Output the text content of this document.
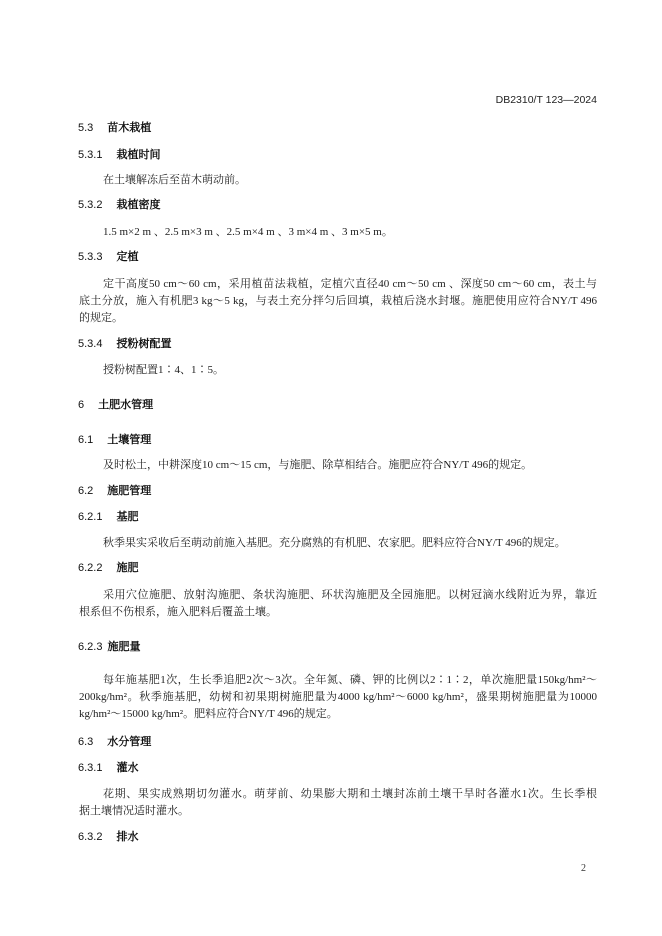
DB2310/T 123—2024
5.3 苗木栽植
5.3.1 栽植时间
在土壤解冻后至苗木萌动前。
5.3.2 栽植密度
1.5 m×2 m 、2.5 m×3 m 、2.5 m×4 m 、3 m×4 m 、3 m×5 m。
5.3.3 定植
定干高度50 cm～60 cm，采用植苗法栽植，定植穴直径40 cm～50 cm 、深度50 cm～60 cm，表土与
底土分放，施入有机肥3 kg～5 kg，与表土充分拌匀后回填，栽植后浇水封堰。施肥使用应符合NY/T 496
的规定。
5.3.4 授粉树配置
授粉树配置1∶4、1∶5。
6 土肥水管理
6.1 土壤管理
及时松土，中耕深度10 cm～15 cm，与施肥、除草相结合。施肥应符合NY/T 496的规定。
6.2 施肥管理
6.2.1 基肥
秋季果实采收后至萌动前施入基肥。充分腐熟的有机肥、农家肥。肥料应符合NY/T 496的规定。
6.2.2 施肥
采用穴位施肥、放射沟施肥、条状沟施肥、环状沟施肥及全园施肥。以树冠滴水线附近为界，靠近
根系但不伤根系，施入肥料后覆盖土壤。
6.2.3 施肥量
每年施基肥1次，生长季追肥2次～3次。全年氮、磷、钾的比例以2∶1∶2，单次施肥量150kg/hm²～
200kg/hm²。秋季施基肥，幼树和初果期树施肥量为4000 kg/hm²～6000 kg/hm²，盛果期树施肥量为10000
kg/hm²～15000 kg/hm²。肥料应符合NY/T 496的规定。
6.3 水分管理
6.3.1 灌水
花期、果实成熟期切勿灌水。萌芽前、幼果膨大期和土壤封冻前土壤干旱时各灌水1次。生长季根
据土壤情况适时灌水。
6.3.2 排水
2
